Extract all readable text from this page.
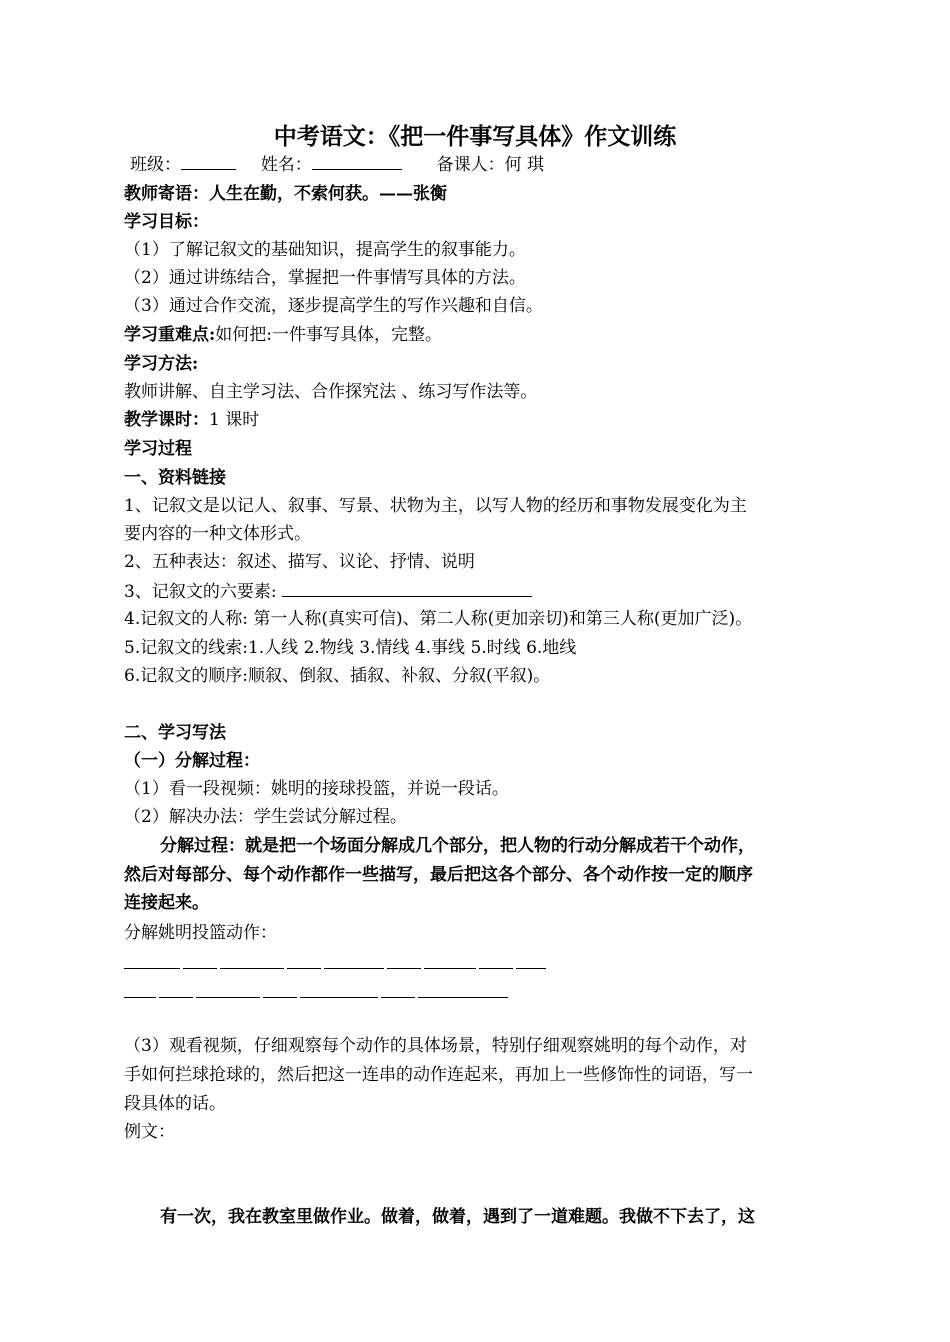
中考语文：《把一件事写具体》作文训练
班级：	姓名：	备课人：何 琪
教师寄语：人生在勤，不索何获。——张衡
学习目标：
（1）了解记叙文的基础知识，提高学生的叙事能力。
（2）通过讲练结合，掌握把一件事情写具体的方法。
（3）通过合作交流，逐步提高学生的写作兴趣和自信。
学习重难点:如何把:一件事写具体，完整。
学习方法:
教师讲解、自主学习法、合作探究法 、练习写作法等。
教学课时：1 课时
学习过程
一、资料链接
1、记叙文是以记人、叙事、写景、状物为主，以写人物的经历和事物发展变化为主
要内容的一种文体形式。
2、五种表达：叙述、描写、议论、抒情、说明
3、记叙文的六要素:
4.记叙文的人称: 第一人称(真实可信)、第二人称(更加亲切)和第三人称(更加广泛)。
5.记叙文的线索:1.人线 2.物线 3.情线 4.事线 5.时线 6.地线
6.记叙文的顺序:顺叙、倒叙、插叙、补叙、分叙(平叙)。
二、学习写法
（一）分解过程：
（1）看一段视频：姚明的接球投篮，并说一段话。
（2）解决办法：学生尝试分解过程。
分解过程：就是把一个场面分解成几个部分，把人物的行动分解成若干个动作，
然后对每部分、每个动作都作一些描写，最后把这各个部分、各个动作按一定的顺序
连接起来。
分解姚明投篮动作：
（3）观看视频，仔细观察每个动作的具体场景，特别仔细观察姚明的每个动作，对
手如何拦球抢球的，然后把这一连串的动作连起来，再加上一些修饰性的词语，写一
段具体的话。
例文：
有一次，我在教室里做作业。做着，做着，遇到了一道难题。我做不下去了，这
